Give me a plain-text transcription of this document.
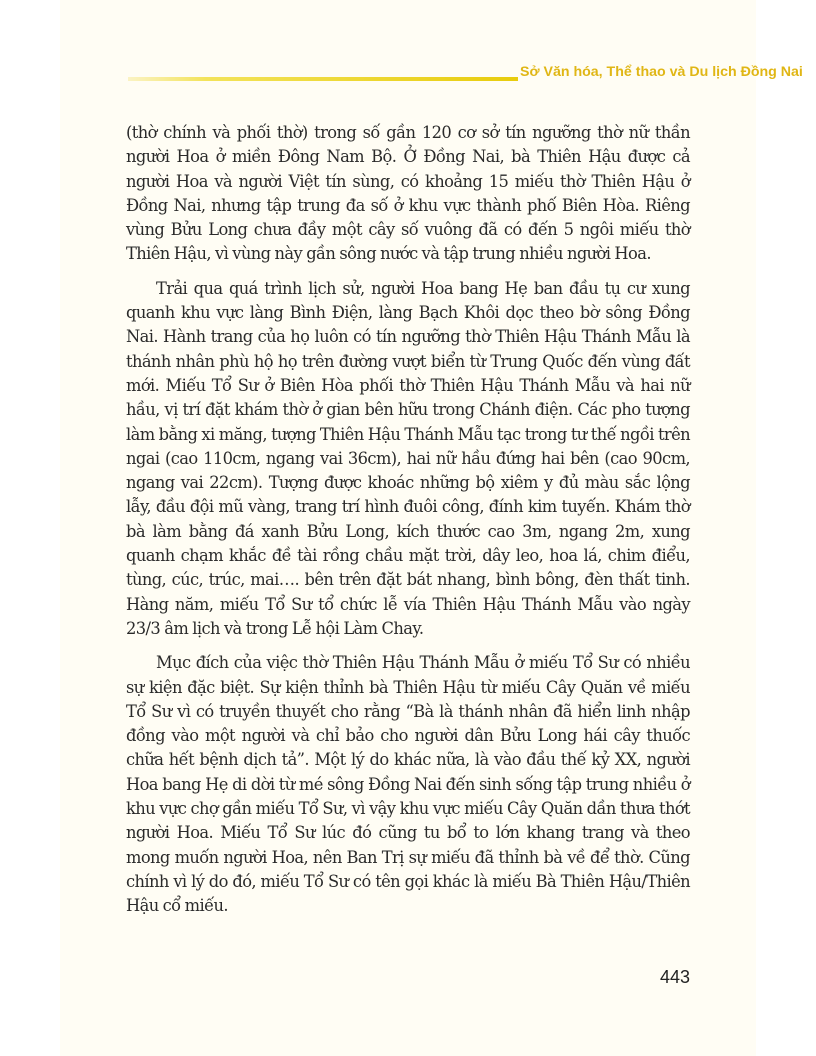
Sở Văn hóa, Thể thao và Du lịch Đồng Nai

(thờ chính và phối thờ) trong số gần 120 cơ sở tín ngưỡng thờ nữ thần người Hoa ở miền Đông Nam Bộ. Ở Đồng Nai, bà Thiên Hậu được cả người Hoa và người Việt tín sùng, có khoảng 15 miếu thờ Thiên Hậu ở Đồng Nai, nhưng tập trung đa số ở khu vực thành phố Biên Hòa. Riêng vùng Bửu Long chưa đầy một cây số vuông đã có đến 5 ngôi miếu thờ Thiên Hậu, vì vùng này gần sông nước và tập trung nhiều người Hoa.

Trải qua quá trình lịch sử, người Hoa bang Hẹ ban đầu tụ cư xung quanh khu vực làng Bình Điện, làng Bạch Khôi dọc theo bờ sông Đồng Nai. Hành trang của họ luôn có tín ngưỡng thờ Thiên Hậu Thánh Mẫu là thánh nhân phù hộ họ trên đường vượt biển từ Trung Quốc đến vùng đất mới. Miếu Tổ Sư ở Biên Hòa phối thờ Thiên Hậu Thánh Mẫu và hai nữ hầu, vị trí đặt khám thờ ở gian bên hữu trong Chánh điện. Các pho tượng làm bằng xi măng, tượng Thiên Hậu Thánh Mẫu tạc trong tư thế ngồi trên ngai (cao 110cm, ngang vai 36cm), hai nữ hầu đứng hai bên (cao 90cm, ngang vai 22cm). Tượng được khoác những bộ xiêm y đủ màu sắc lộng lẫy, đầu đội mũ vàng, trang trí hình đuôi công, đính kim tuyến. Khám thờ bà làm bằng đá xanh Bửu Long, kích thước cao 3m, ngang 2m, xung quanh chạm khắc đề tài rồng chầu mặt trời, dây leo, hoa lá, chim điểu, tùng, cúc, trúc, mai…. bên trên đặt bát nhang, bình bông, đèn thất tinh. Hàng năm, miếu Tổ Sư tổ chức lễ vía Thiên Hậu Thánh Mẫu vào ngày 23/3 âm lịch và trong Lễ hội Làm Chay.

Mục đích của việc thờ Thiên Hậu Thánh Mẫu ở miếu Tổ Sư có nhiều sự kiện đặc biệt. Sự kiện thỉnh bà Thiên Hậu từ miếu Cây Quăn về miếu Tổ Sư vì có truyền thuyết cho rằng “Bà là thánh nhân đã hiển linh nhập đồng vào một người và chỉ bảo cho người dân Bửu Long hái cây thuốc chữa hết bệnh dịch tả”. Một lý do khác nữa, là vào đầu thế kỷ XX, người Hoa bang Hẹ di dời từ mé sông Đồng Nai đến sinh sống tập trung nhiều ở khu vực chợ gần miếu Tổ Sư, vì vậy khu vực miếu Cây Quăn dần thưa thớt người Hoa. Miếu Tổ Sư lúc đó cũng tu bổ to lớn khang trang và theo mong muốn người Hoa, nên Ban Trị sự miếu đã thỉnh bà về để thờ. Cũng chính vì lý do đó, miếu Tổ Sư có tên gọi khác là miếu Bà Thiên Hậu/Thiên Hậu cổ miếu.

443
